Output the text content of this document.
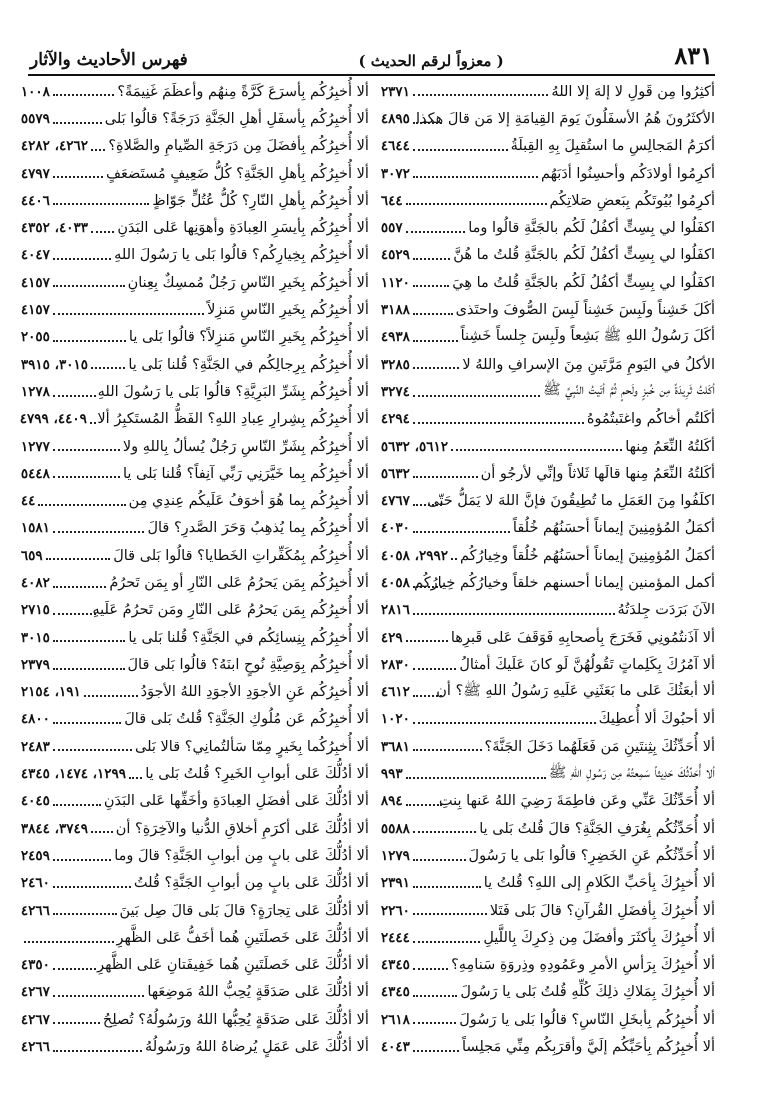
٨٣١
( معزواً لرقم الحديث )
فهرس الأحاديث والآثار
أكثِرُوا مِن قَولِ لا إلهَ إلا اللهُ
٢٣٧١
الأكثَرُونَ هُمُ الأسفَلُونَ يَومَ القِيامَةِ إلا مَن قالَ هكذا
٤٨٩٥
أكرَمُ المَجالِسِ ما استُقبِلَ بِهِ القِبلَةُ
٤٦٤٤
أكرِمُوا أولادَكُم وأحسِنُوا أدَبَهُم
٣٠٧٢
أكرِمُوا بُيُوتَكُم بِبَعضِ صَلاتِكُم
٦٤٤
اكفَلُوا لي بِسِتٍّ أكفُلُ لَكُم بالجَنَّةِ قالُوا وما
٥٥٧
اكفَلُوا لي بِسِتٍّ أكفُلُ لَكُم بالجَنَّةِ قُلتُ ما هُنَّ
٤٥٢٩
اكفَلُوا لي بِسِتٍّ أكفُلُ لَكُم بالجَنَّةِ قُلتُ ما هِيَ
١١٢٠
أكَلَ خَشِناً ولَبِسَ خَشِناً لَبِسَ الصُّوفَ واحتَذى
٣١٨٨
أكَلَ رَسُولُ اللهِ ﷺ بَشِعاً ولَبِسَ جِلساً خَشِناً
٤٩٣٨
الأكلُ في اليَومِ مَرَّتَينِ مِنَ الإسرافِ واللهُ لا
٣٢٨٥
أكَلتُ ثَرِيدَةً مِن خُبزٍ ولَحمٍ ثُمَّ أتَيتُ النَّبِيَّ ﷺ
٣٢٧٤
أكَلتُم أخاكُم واغتَبتُمُوهُ
٤٢٩٤
أكَلتُهُ النِّعَمُ مِنها
٥٦١٢، ٥٦٣٢
أكَلتُهُ النِّعَمُ مِنها قالَها ثَلاثاً وإنِّي لأرجُو أن
٥٦٣٢
اكلَفُوا مِنَ العَمَلِ ما تُطِيقُونَ فإنَّ اللهَ لا يَمَلُّ حَتّى
٤٧٦٧
أكمَلُ المُؤمِنِينَ إيماناً أحسَنُهُم خُلُقاً
٤٠٣٠
أكمَلُ المُؤمِنِينَ إيماناً أحسَنُهُم خُلُقاً وخِيارُكُم
٢٩٩٢، ٤٠٥٨
أكمل المؤمنين إيمانا أحسنهم خلقاً وخيارُكُم خِيارُكُم
٤٠٥٨
الآنَ بَرَدَت جِلدَتُهُ
٢٨١٦
ألا آذَنتُمُونِي فَخَرَجَ بِأصحابِهِ فَوَقَفَ عَلى قَبرِها
٤٢٩
ألا آمُرُكَ بِكَلِماتٍ تَقُولُهُنَّ لَو كانَ عَلَيكَ أمثالُ
٢٨٣٠
ألا أبعَثُكَ عَلى ما بَعَثَنِي عَلَيهِ رَسُولُ اللهِ ﷺ؟ أن
٤٦١٢
ألا أحبُوكَ ألا أُعطِيكَ
١٠٢٠
ألا أُحَدِّثُكَ بِثِنتَينِ مَن فَعَلَهُما دَخَلَ الجَنَّةَ؟
٣٦٨١
ألا أُحَدِّثُكَ حَدِيثاً سَمِعتُهُ مِن رَسُولِ اللهِ ﷺ
٩٩٣
ألا أُحَدِّثُكَ عَنِّي وعَن فاطِمَةَ رَضِيَ اللهُ عَنها بِنتِ
٨٩٤
ألا أُحَدِّثُكُم بِغُرَفِ الجَنَّةِ؟ قالَ قُلتُ بَلى يا
٥٥٨٨
ألا أُحَدِّثُكُم عَنِ الخَضِرِ؟ قالُوا بَلى يا رَسُولَ
١٢٧٩
ألا أُخبِرُكَ بِأحَبِّ الكَلامِ إلى اللهِ؟ قُلتُ يا
٢٣٩١
ألا أُخبِرُكَ بِأفضَلِ القُرآنِ؟ قالَ بَلى فَتَلا
٢٢٦٠
ألا أُخبِرُكَ بِأكثَرَ وأفضَلَ مِن ذِكرِكَ بِاللَّيلِ
٢٤٤٤
ألا أُخبِرُكَ بِرَأسِ الأمرِ وعَمُودِهِ وذِروَةِ سَنامِهِ؟
٤٣٤٥
ألا أُخبِرُكَ بِمَلاكِ ذلِكَ كُلِّهِ قُلتُ بَلى يا رَسُولَ
٤٣٤٥
ألا أُخبِرُكُم بِأبخَلِ النّاسِ؟ قالُوا بَلى يا رَسُولَ
٢٦١٨
ألا أُخبِرُكُم بِأحَبِّكُم إلَيَّ وأقرَبِكُم مِنِّي مَجلِساً
٤٠٤٣
ألا أُخبِرُكُم بِأسرَعَ كَرَّةً مِنهُم وأعظَمَ غَنِيمَةً؟
١٠٠٨
ألا أُخبِرُكُم بِأسفَلِ أهلِ الجَنَّةِ دَرَجَةً؟ قالُوا بَلى
٥٥٧٩
ألا أُخبِرُكُم بِأفضَلَ مِن دَرَجَةِ الصِّيامِ والصَّلاةِ؟
٤٢٦٢، ٤٢٨٢
ألا أُخبِرُكُم بِأهلِ الجَنَّةِ؟ كُلُّ ضَعِيفٍ مُستَضعَفٍ
٤٧٩٧
ألا أُخبِرُكُم بِأهلِ النّارِ؟ كُلُّ عُتُلٍّ جَوّاظٍ
٤٤٠٦
ألا أُخبِرُكُم بِأيسَرِ العِبادَةِ وأهوَنِها عَلى البَدَنِ
٤٠٣٣، ٤٣٥٢
ألا أُخبِرُكُم بِخِيارِكُم؟ قالُوا بَلى يا رَسُولَ اللهِ
٤٠٤٧
ألا أُخبِرُكُم بِخَيرِ النّاسِ رَجُلٌ مُمسِكٌ بِعِنانِ
٤١٥٧
ألا أُخبِرُكُم بِخَيرِ النّاسِ مَنزِلاً
٤١٥٧
ألا أُخبِرُكُم بِخَيرِ النّاسِ مَنزِلاً؟ قالُوا بَلى يا
٢٠٥٥
ألا أُخبِرُكُم بِرِجالِكُم في الجَنَّةِ؟ قُلنا بَلى يا
٣٠١٥، ٣٩١٥
ألا أُخبِرُكُم بِشَرِّ البَرِيَّةِ؟ قالُوا بَلى يا رَسُولَ اللهِ
١٢٧٨
ألا أُخبِرُكُم بِشِرارِ عِبادِ اللهِ؟ الفَظُّ المُستَكبِرُ ألا
٤٤٠٩، ٤٧٩٩
ألا أُخبِرُكُم بِشَرِّ النّاسِ رَجُلٌ يُسألُ بِاللهِ ولا
١٢٧٧
ألا أُخبِرُكُم بِما خَيَّرَنِي رَبِّي آنِفاً؟ قُلنا بَلى يا
٥٤٤٨
ألا أُخبِرُكُم بِما هُوَ أخوَفُ عَلَيكُم عِندِي مِن
٤٤
ألا أُخبِرُكُم بِما يُذهِبُ وَحَرَ الصَّدرِ؟ قالَ
١٥٨١
ألا أُخبِرُكُم بِمُكَفِّراتِ الخَطايا؟ قالُوا بَلى قالَ
٦٥٩
ألا أُخبِرُكُم بِمَن يَحرُمُ عَلى النّارِ أو بِمَن تَحرُمُ
٤٠٨٢
ألا أُخبِرُكُم بِمَن يَحرُمُ عَلى النّارِ ومَن تَحرُمُ عَلَيهِ
٢٧١٥
ألا أُخبِرُكُم بِنِسائِكُم في الجَنَّةِ؟ قُلنا بَلى يا
٣٠١٥
ألا أُخبِرُكُم بِوَصِيَّةِ نُوحٍ ابنَهُ؟ قالُوا بَلى قالَ
٢٣٧٩
ألا أُخبِرُكُم عَنِ الأجوَدِ الأجوَدِ اللهُ الأجوَدُ
١٩١، ٢١٥٤
ألا أُخبِرُكُم عَن مُلُوكِ الجَنَّةِ؟ قُلتُ بَلى قالَ
٤٨٠٠
ألا أُخبِرُكُما بِخَيرٍ مِمّا سَألتُمانِي؟ قالا بَلى
٢٤٨٣
ألا أدُلُّكَ عَلى أبوابِ الخَيرِ؟ قُلتُ بَلى يا
١٢٩٩، ١٤٧٤، ٤٣٤٥
ألا أدُلُّكَ عَلى أفضَلِ العِبادَةِ وأخَفِّها عَلى البَدَنِ
٤٠٤٥
ألا أدُلُّكَ عَلى أكرَمِ أخلاقِ الدُّنيا والآخِرَةِ؟ أن
٣٧٤٩، ٣٨٤٤
ألا أدُلُّكَ عَلى بابٍ مِن أبوابِ الجَنَّةِ؟ قالَ وما
٢٤٥٩
ألا أدُلُّكَ عَلى بابٍ مِن أبوابِ الجَنَّةِ؟ قُلتُ
٢٤٦٠
ألا أدُلُّكَ عَلى تِجارَةٍ؟ قالَ بَلى قالَ صِل بَينَ
٤٢٦٦
ألا أدُلُّكَ عَلى خَصلَتَينِ هُما أخَفُّ عَلى الظَّهرِ
ألا أدُلُّكَ عَلى خَصلَتَينِ هُما خَفِيفَتانِ عَلى الظَّهرِ
٤٣٥٠
ألا أدُلُّكَ عَلى صَدَقَةٍ يُحِبُّ اللهُ مَوضِعَها
٤٢٦٧
ألا أدُلُّكَ عَلى صَدَقَةٍ يُحِبُّها اللهُ ورَسُولُهُ؟ تُصلِحُ
٤٢٦٧
ألا أدُلُّكَ عَلى عَمَلٍ يُرضاهُ اللهُ ورَسُولُهُ
٤٢٦٦
